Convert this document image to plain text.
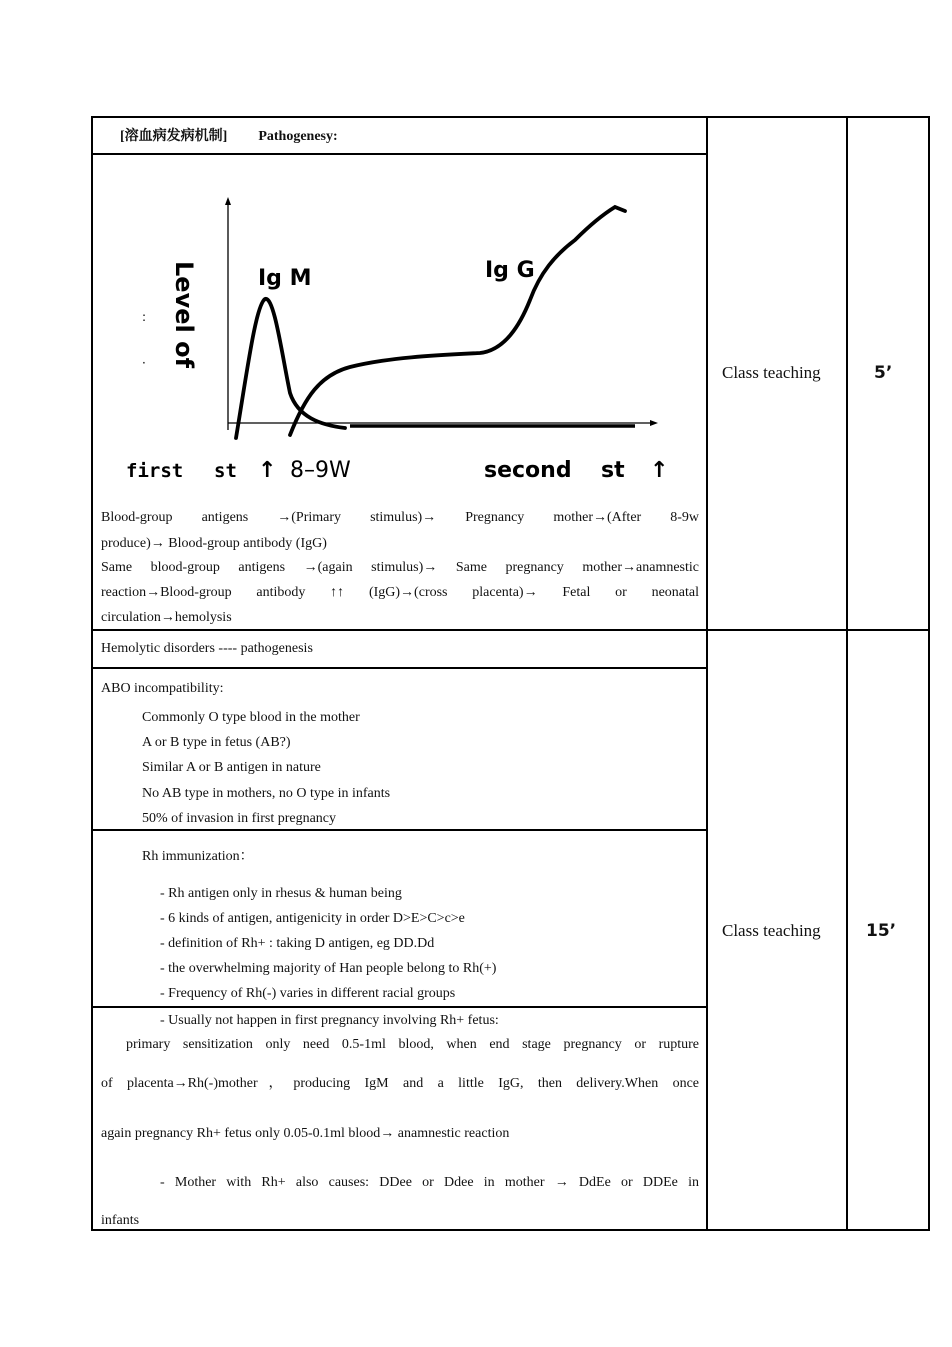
[溶血病发病机制] Pathogenesy:
Level of
:
·
Ig M	Ig G
first st ↑ 8–9W	second st ↑
Blood-group antigens →(Primary stimulus)→ Pregnancy mother→(After 8-9w
produce)→ Blood-group antibody (IgG)
Same blood-group antigens →(again stimulus)→ Same pregnancy mother→anamnestic
reaction→Blood-group antibody ↑↑ (IgG)→(cross placenta)→ Fetal or neonatal
circulation→hemolysis
Class teaching	5’
Hemolytic disorders ---- pathogenesis
ABO incompatibility:
Commonly O type blood in the mother
A or B type in fetus (AB?)
Similar A or B antigen in nature
No AB type in mothers, no O type in infants
50% of invasion in first pregnancy
Rh immunization：
- Rh antigen only in rhesus & human being
- 6 kinds of antigen, antigenicity in order D>E>C>c>e
- definition of Rh+ : taking D antigen, eg DD.Dd
- the overwhelming majority of Han people belong to Rh(+)
- Frequency of Rh(-) varies in different racial groups
- Usually not happen in first pregnancy involving Rh+ fetus:
primary sensitization only need 0.5-1ml blood, when end stage pregnancy or rupture
of placenta→Rh(-)mother，producing IgM and a little IgG, then delivery.When once
again pregnancy Rh+ fetus only 0.05-0.1ml blood→ anamnestic reaction
- Mother with Rh+ also causes: DDee or Ddee in mother → DdEe or DDEe in
infants
Class teaching	15’
